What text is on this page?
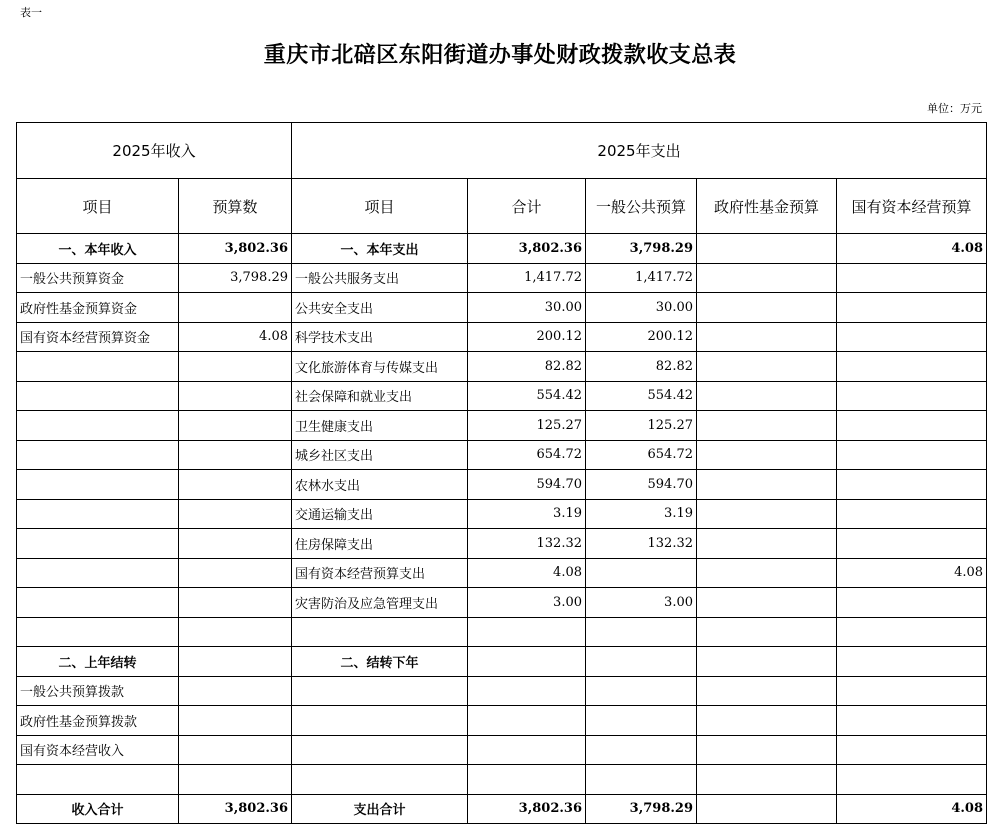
表一
重庆市北碚区东阳街道办事处财政拨款收支总表
单位：万元
2025年收入		2025年支出				
项目	预算数	项目	合计	一般公共预算	政府性基金预算	国有资本经营预算
一、本年收入	3,802.36	一、本年支出	3,802.36	3,798.29		4.08
一般公共预算资金	3,798.29	一般公共服务支出	1,417.72	1,417.72		
政府性基金预算资金		公共安全支出	30.00	30.00		
国有资本经营预算资金	4.08	科学技术支出	200.12	200.12		
		文化旅游体育与传媒支出	82.82	82.82		
		社会保障和就业支出	554.42	554.42		
		卫生健康支出	125.27	125.27		
		城乡社区支出	654.72	654.72		
		农林水支出	594.70	594.70		
		交通运输支出	3.19	3.19		
		住房保障支出	132.32	132.32		
		国有资本经营预算支出	4.08			4.08
		灾害防治及应急管理支出	3.00	3.00		

二、上年结转		二、结转下年				
一般公共预算拨款						
政府性基金预算拨款						
国有资本经营收入						

收入合计	3,802.36	支出合计	3,802.36	3,798.29		4.08
